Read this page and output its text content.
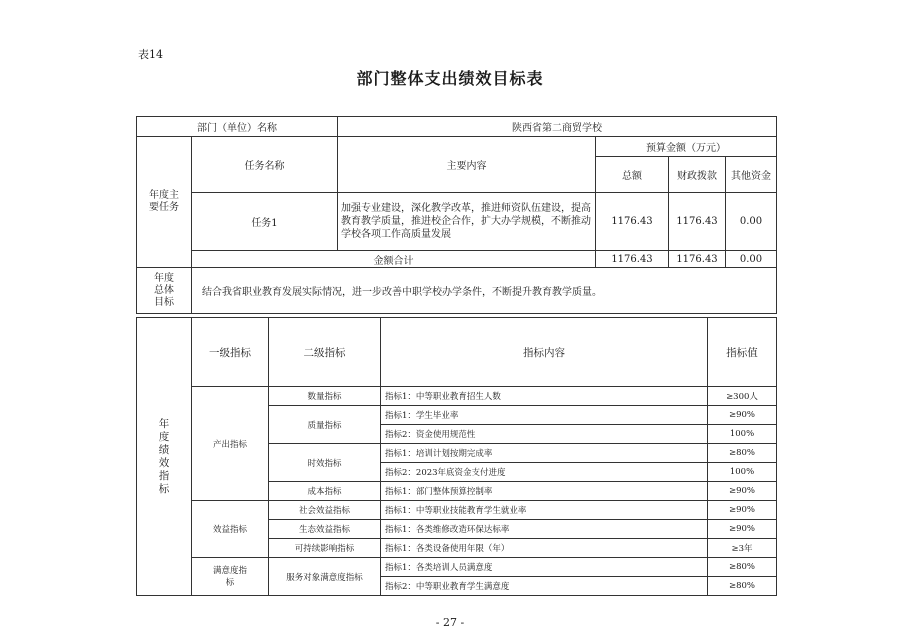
表14
部门整体支出绩效目标表
部门（单位）名称		陕西省第二商贸学校			

年度主要任务	任务名称	主要内容	预算金额（万元）		
			总额	财政拨款	其他资金
	任务1	加强专业建设，深化教学改革，推进师资队伍建设，提高教育教学质量，推进校企合作，扩大办学规模，不断推动学校各项工作高质量发展	1176.43	1176.43	0.00
	金额合计		1176.43	1176.43	0.00

年度总体目标	结合我省职业教育发展实际情况，进一步改善中职学校办学条件，不断提升教育教学质量。				
年度绩效指标	一级指标	二级指标	指标内容	指标值
	产出指标	数量指标	指标1：中等职业教育招生人数	≥300人
		质量指标	指标1：学生毕业率	≥90%
			指标2：资金使用规范性	100%
		时效指标	指标1：培训计划按期完成率	≥80%
			指标2：2023年底资金支付进度	100%
		成本指标	指标1：部门整体预算控制率	≥90%
	效益指标	社会效益指标	指标1：中等职业技能教育学生就业率	≥90%
		生态效益指标	指标1：各类维修改造环保达标率	≥90%
		可持续影响指标	指标1：各类设备使用年限（年）	≥3年

	满意度指标	服务对象满意度指标	指标1：各类培训人员满意度	≥80%
			指标2：中等职业教育学生满意度	≥80%
- 27 -
